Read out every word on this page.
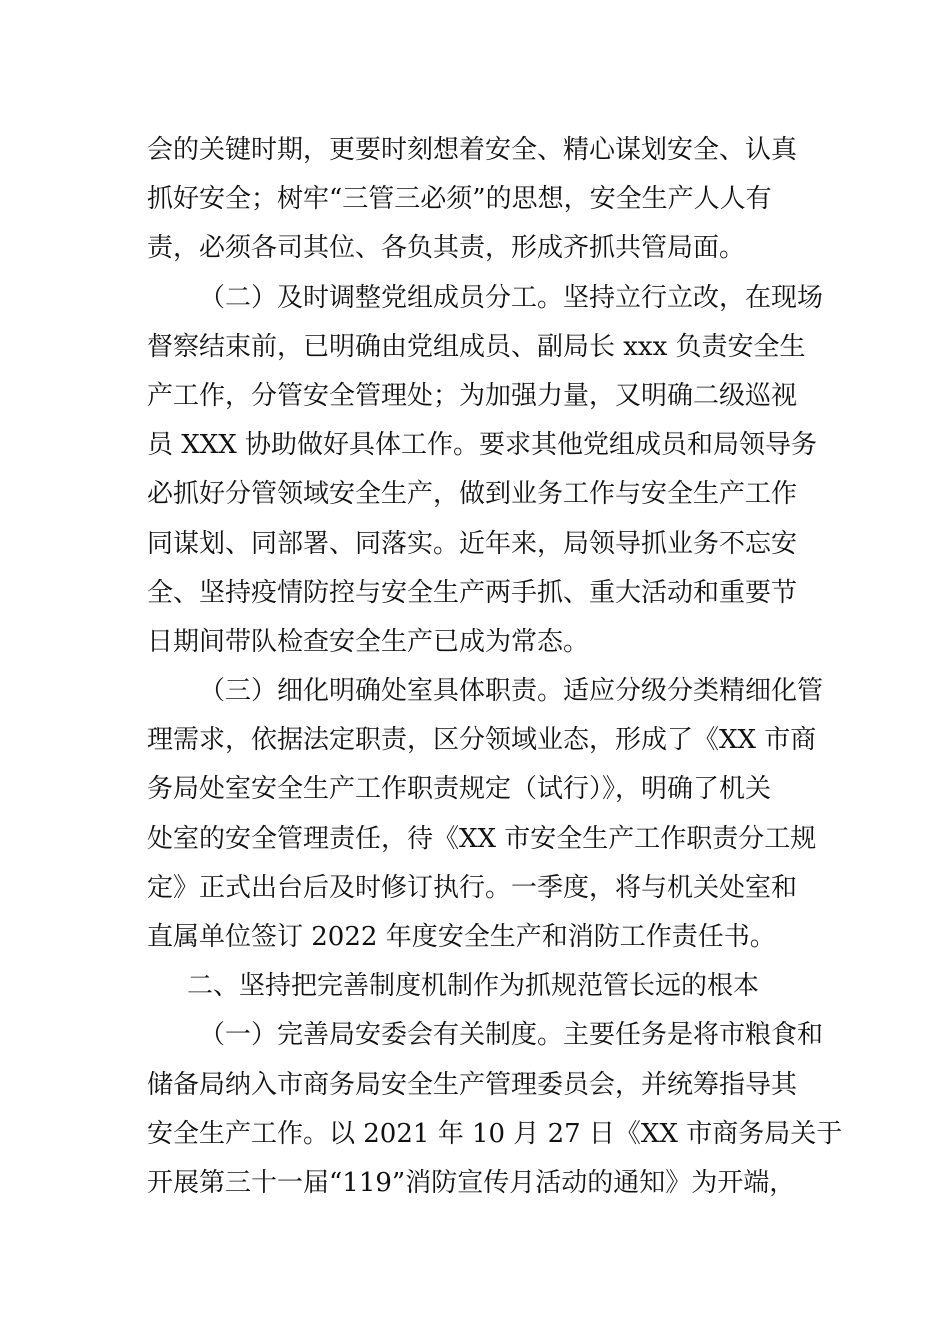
会的关键时期，更要时刻想着安全、精心谋划安全、认真
抓好安全；树牢“三管三必须”的思想，安全生产人人有
责，必须各司其位、各负其责，形成齐抓共管局面。
（二）及时调整党组成员分工。坚持立行立改，在现场
督察结束前，已明确由党组成员、副局长 xxx 负责安全生
产工作，分管安全管理处；为加强力量，又明确二级巡视
员 XXX 协助做好具体工作。要求其他党组成员和局领导务
必抓好分管领域安全生产，做到业务工作与安全生产工作
同谋划、同部署、同落实。近年来，局领导抓业务不忘安
全、坚持疫情防控与安全生产两手抓、重大活动和重要节
日期间带队检查安全生产已成为常态。
（三）细化明确处室具体职责。适应分级分类精细化管
理需求，依据法定职责，区分领域业态，形成了《XX 市商
务局处室安全生产工作职责规定（试行）》，明确了机关
处室的安全管理责任，待《XX 市安全生产工作职责分工规
定》正式出台后及时修订执行。一季度，将与机关处室和
直属单位签订 2022 年度安全生产和消防工作责任书。
二、坚持把完善制度机制作为抓规范管长远的根本
（一）完善局安委会有关制度。主要任务是将市粮食和
储备局纳入市商务局安全生产管理委员会，并统筹指导其
安全生产工作。以 2021 年 10 月 27 日《XX 市商务局关于
开展第三十一届“119”消防宣传月活动的通知》为开端，
